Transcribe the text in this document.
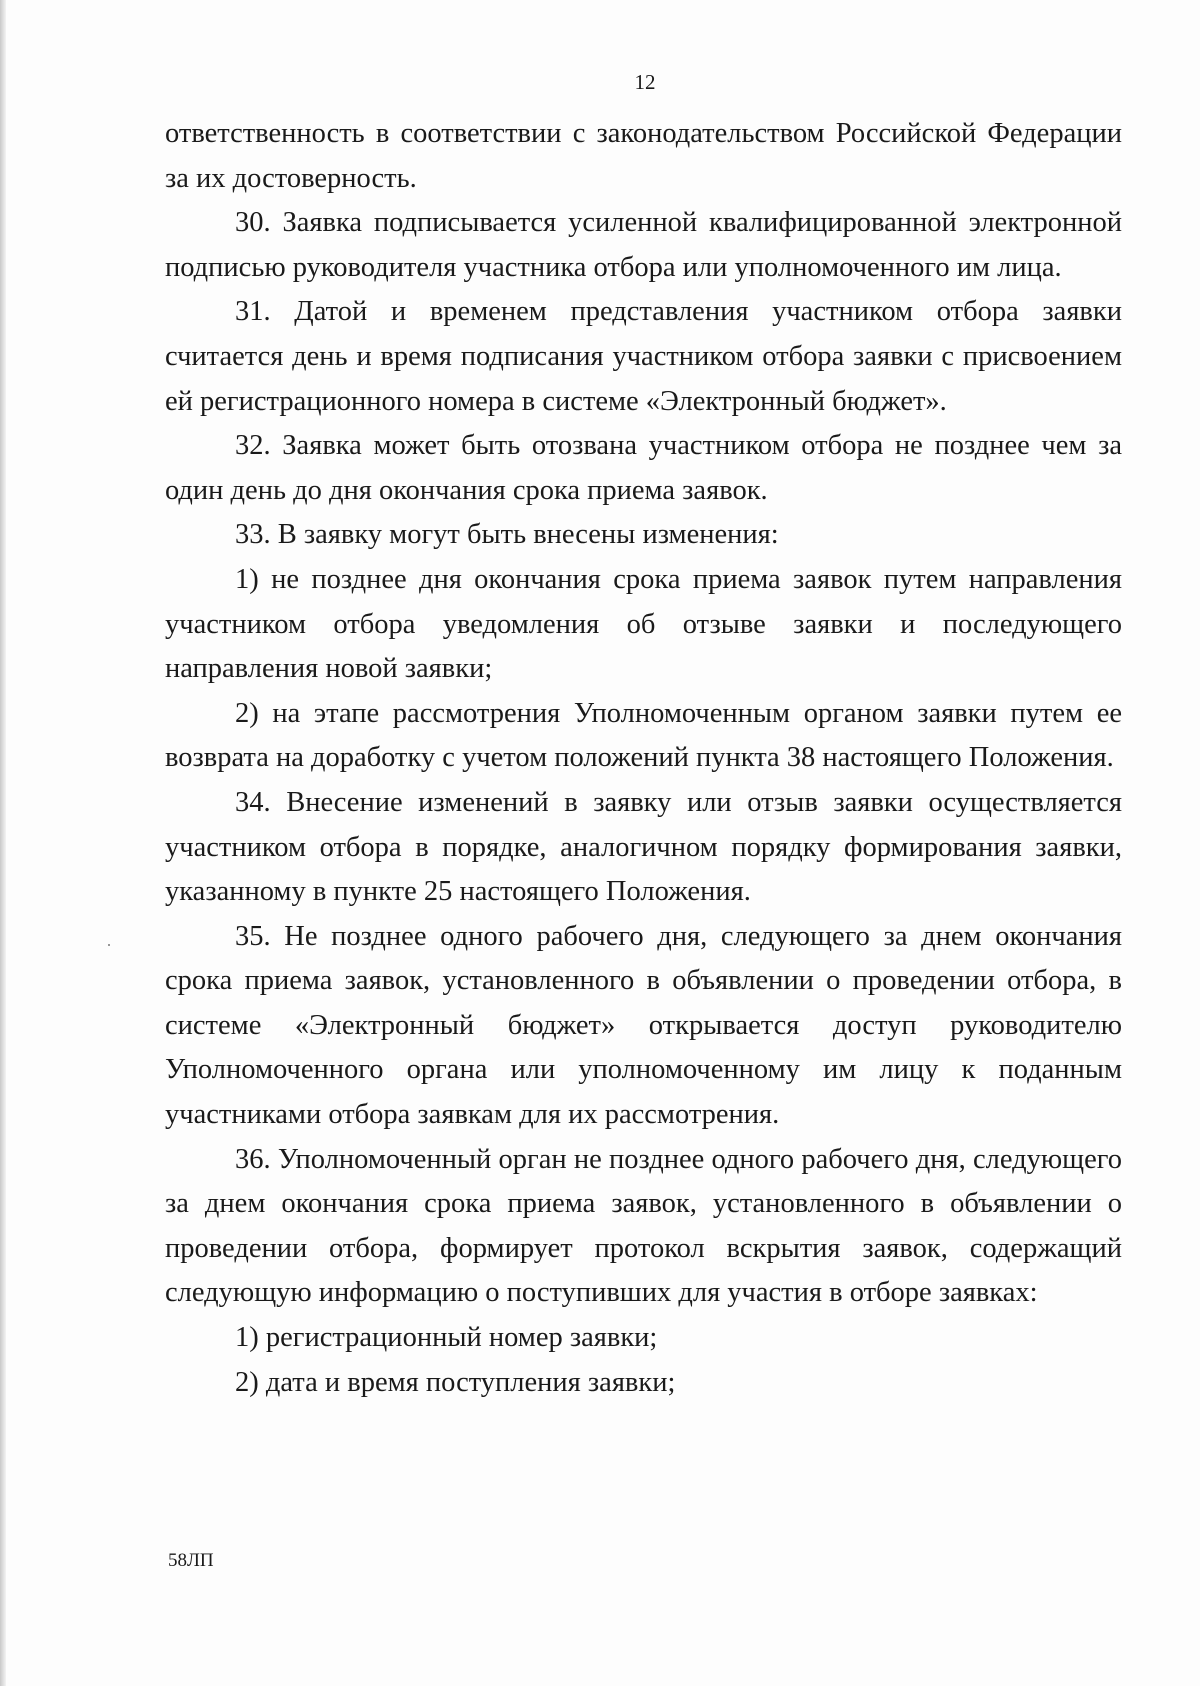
12

ответственность в соответствии с законодательством Российской Федерации за их достоверность.

30. Заявка подписывается усиленной квалифицированной электронной подписью руководителя участника отбора или уполномоченного им лица.

31. Датой и временем представления участником отбора заявки считается день и время подписания участником отбора заявки с присвоением ей регистрационного номера в системе «Электронный бюджет».

32. Заявка может быть отозвана участником отбора не позднее чем за один день до дня окончания срока приема заявок.

33. В заявку могут быть внесены изменения:

1) не позднее дня окончания срока приема заявок путем направления участником отбора уведомления об отзыве заявки и последующего направления новой заявки;

2) на этапе рассмотрения Уполномоченным органом заявки путем ее возврата на доработку с учетом положений пункта 38 настоящего Положения.

34. Внесение изменений в заявку или отзыв заявки осуществляется участником отбора в порядке, аналогичном порядку формирования заявки, указанному в пункте 25 настоящего Положения.

35. Не позднее одного рабочего дня, следующего за днем окончания срока приема заявок, установленного в объявлении о проведении отбора, в системе «Электронный бюджет» открывается доступ руководителю Уполномоченного органа или уполномоченному им лицу к поданным участниками отбора заявкам для их рассмотрения.

36. Уполномоченный орган не позднее одного рабочего дня, следующего за днем окончания срока приема заявок, установленного в объявлении о проведении отбора, формирует протокол вскрытия заявок, содержащий следующую информацию о поступивших для участия в отборе заявках:

1) регистрационный номер заявки;

2) дата и время поступления заявки;

58ЛП
